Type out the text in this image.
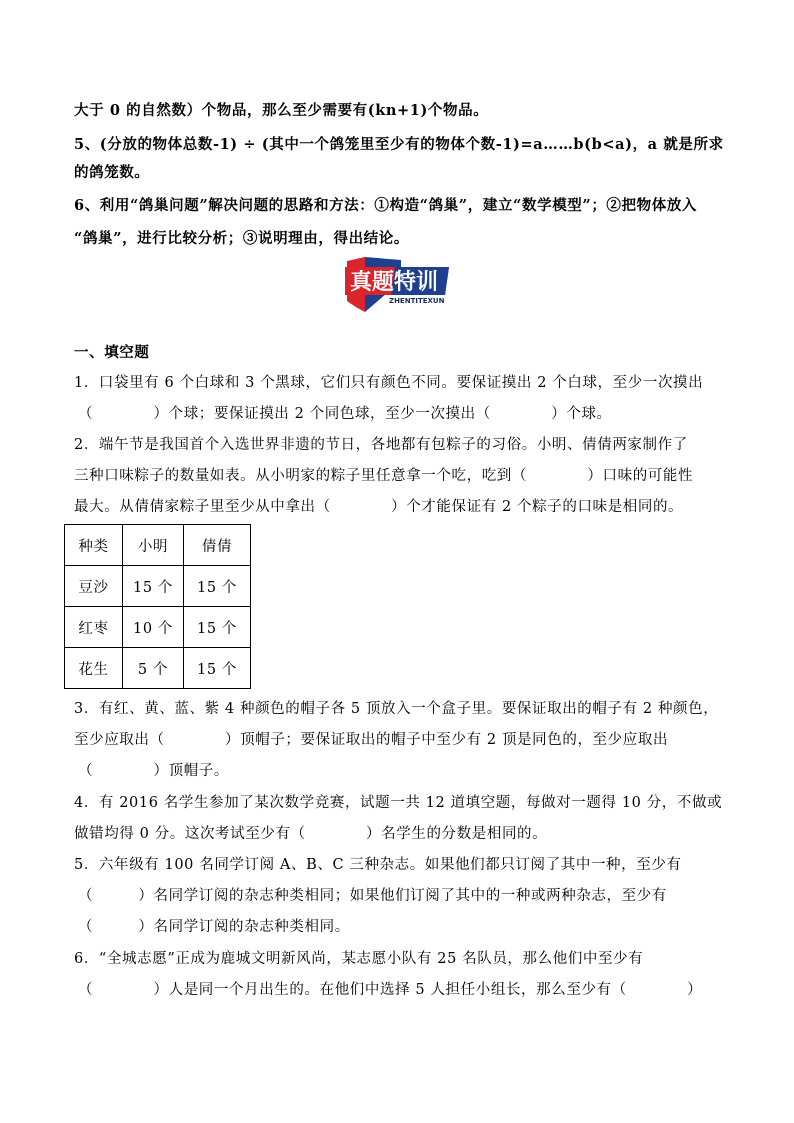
大于 0 的自然数）个物品，那么至少需要有(kn+1)个物品。
5、(分放的物体总数-1) ÷ (其中一个鸽笼里至少有的物体个数-1)=a……b(b<a)，a 就是所求
的鸽笼数。
6、利用“鸽巢问题”解决问题的思路和方法：①构造“鸽巢”，建立“数学模型”；②把物体放入
“鸽巢”，进行比较分析；③说明理由，得出结论。
真题特训
ZHENTITEXUN
一、填空题
1．口袋里有 6 个白球和 3 个黑球，它们只有颜色不同。要保证摸出 2 个白球，至少一次摸出
（　　　　）个球；要保证摸出 2 个同色球，至少一次摸出（　　　　）个球。
2．端午节是我国首个入选世界非遗的节日，各地都有包粽子的习俗。小明、倩倩两家制作了
三种口味粽子的数量如表。从小明家的粽子里任意拿一个吃，吃到（　　　　）口味的可能性
最大。从倩倩家粽子里至少从中拿出（　　　　）个才能保证有 2 个粽子的口味是相同的。
种类	小明	倩倩
豆沙	15 个	15 个
红枣	10 个	15 个
花生	5 个	15 个
3．有红、黄、蓝、紫 4 种颜色的帽子各 5 顶放入一个盒子里。要保证取出的帽子有 2 种颜色，
至少应取出（　　　　）顶帽子；要保证取出的帽子中至少有 2 顶是同色的，至少应取出
（　　　　）顶帽子。
4．有 2016 名学生参加了某次数学竞赛，试题一共 12 道填空题，每做对一题得 10 分，不做或
做错均得 0 分。这次考试至少有（　　　　）名学生的分数是相同的。
5．六年级有 100 名同学订阅 A、B、C 三种杂志。如果他们都只订阅了其中一种，至少有
（　　　）名同学订阅的杂志种类相同；如果他们订阅了其中的一种或两种杂志，至少有
（　　　）名同学订阅的杂志种类相同。
6．“全城志愿”正成为鹿城文明新风尚，某志愿小队有 25 名队员，那么他们中至少有
（　　　　）人是同一个月出生的。在他们中选择 5 人担任小组长，那么至少有（　　　　）
